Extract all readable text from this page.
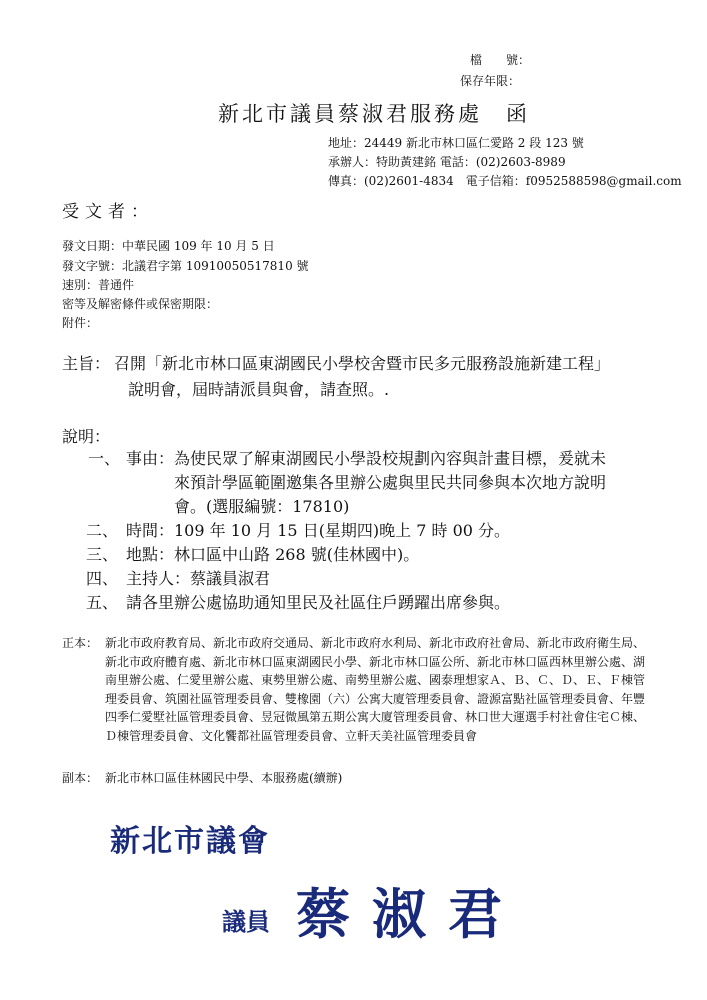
檔　　號：
保存年限：
新北市議員蔡淑君服務處　函
地址：24449 新北市林口區仁愛路 2 段 123 號
承辦人：特助黃建銘 電話：(02)2603-8989
傳真：(02)2601-4834　電子信箱：f0952588598@gmail.com
受文者：
發文日期：中華民國 109 年 10 月 5 日
發文字號：北議君字第 10910050517810 號
速別：普通件
密等及解密條件或保密期限：
附件：
主旨： 召開「新北市林口區東湖國民小學校舍暨市民多元服務設施新建工程」
說明會，屆時請派員與會，請查照。.
說明：
一、 事由：為使民眾了解東湖國民小學設校規劃內容與計畫目標，爰就未
來預計學區範圍邀集各里辦公處與里民共同參與本次地方說明
會。(選服編號：17810)
二、 時間：109 年 10 月 15 日(星期四)晚上 7 時 00 分。
三、 地點：林口區中山路 268 號(佳林國中)。
四、 主持人：蔡議員淑君
五、 請各里辦公處協助通知里民及社區住戶踴躍出席參與。
正本： 新北市政府教育局、新北市政府交通局、新北市政府水利局、新北市政府社會局、新北市政府衛生局、新北市政府體育處、新北市林口區東湖國民小學、新北市林口區公所、新北市林口區西林里辦公處、湖南里辦公處、仁愛里辦公處、東勢里辦公處、南勢里辦公處、國泰理想家Ａ、Ｂ、Ｃ、Ｄ、Ｅ、Ｆ棟管理委員會、筑園社區管理委員會、雙橡園（六）公寓大廈管理委員會、證源富點社區管理委員會、年豐四季仁愛墅社區管理委員會、昱冠微風第五期公寓大廈管理委員會、林口世大運選手村社會住宅Ｃ棟、Ｄ棟管理委員會、文化饗都社區管理委員會、立軒天美社區管理委員會
副本： 新北市林口區佳林國民中學、本服務處(續辦)
新北市議會
議員 蔡淑君
